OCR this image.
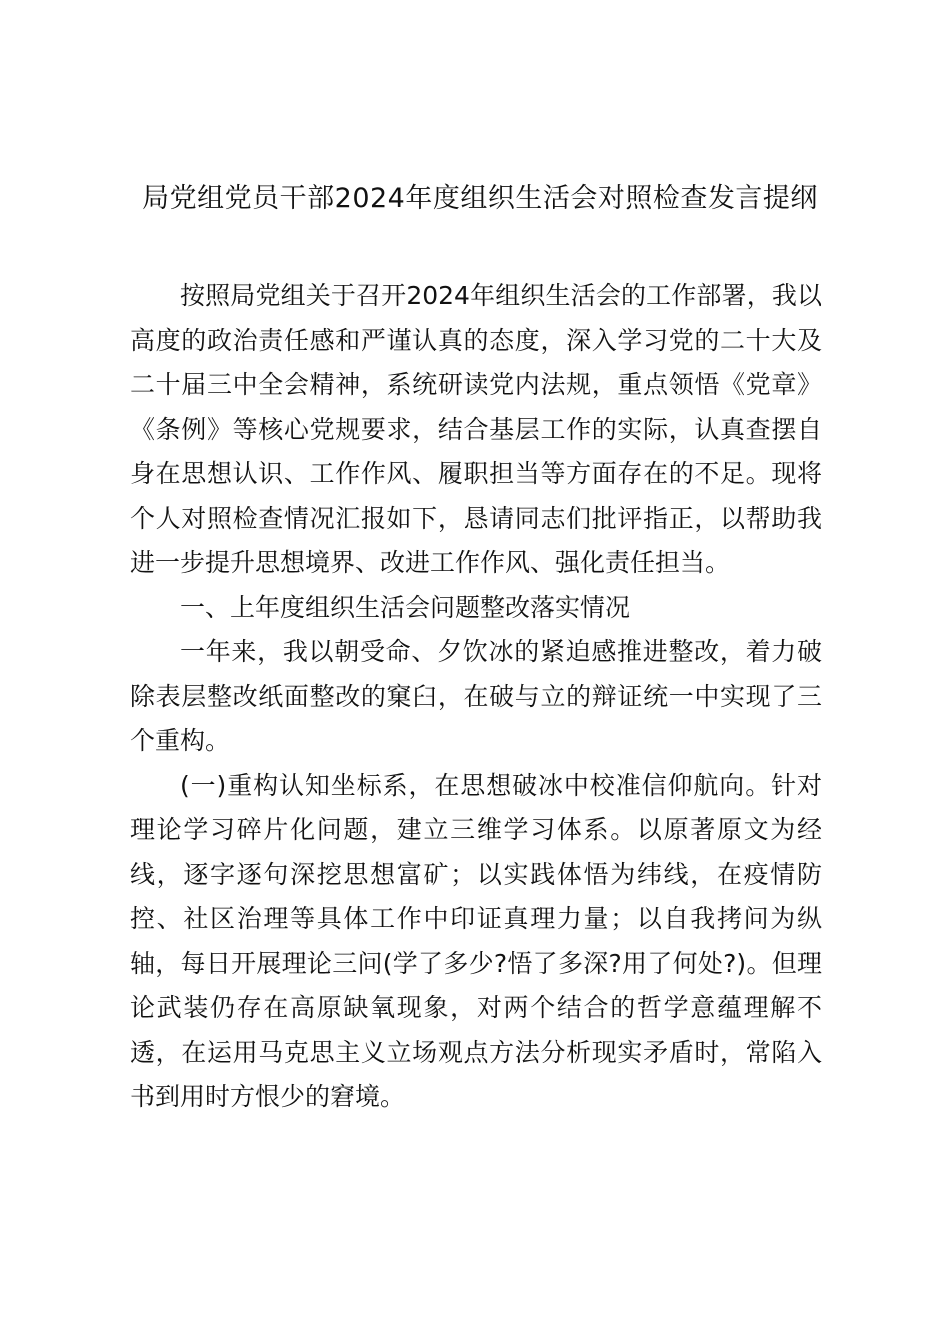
局党组党员干部2024年度组织生活会对照检查发言提纲

按照局党组关于召开2024年组织生活会的工作部署，我以高度的政治责任感和严谨认真的态度，深入学习党的二十大及二十届三中全会精神，系统研读党内法规，重点领悟《党章》《条例》等核心党规要求，结合基层工作的实际，认真查摆自身在思想认识、工作作风、履职担当等方面存在的不足。现将个人对照检查情况汇报如下，恳请同志们批评指正，以帮助我进一步提升思想境界、改进工作作风、强化责任担当。

一、上年度组织生活会问题整改落实情况

一年来，我以朝受命、夕饮冰的紧迫感推进整改，着力破除表层整改纸面整改的窠臼，在破与立的辩证统一中实现了三个重构。

(一)重构认知坐标系，在思想破冰中校准信仰航向。针对理论学习碎片化问题，建立三维学习体系。以原著原文为经线，逐字逐句深挖思想富矿；以实践体悟为纬线，在疫情防控、社区治理等具体工作中印证真理力量；以自我拷问为纵轴，每日开展理论三问(学了多少?悟了多深?用了何处?)。但理论武装仍存在高原缺氧现象，对两个结合的哲学意蕴理解不透，在运用马克思主义立场观点方法分析现实矛盾时，常陷入书到用时方恨少的窘境。
